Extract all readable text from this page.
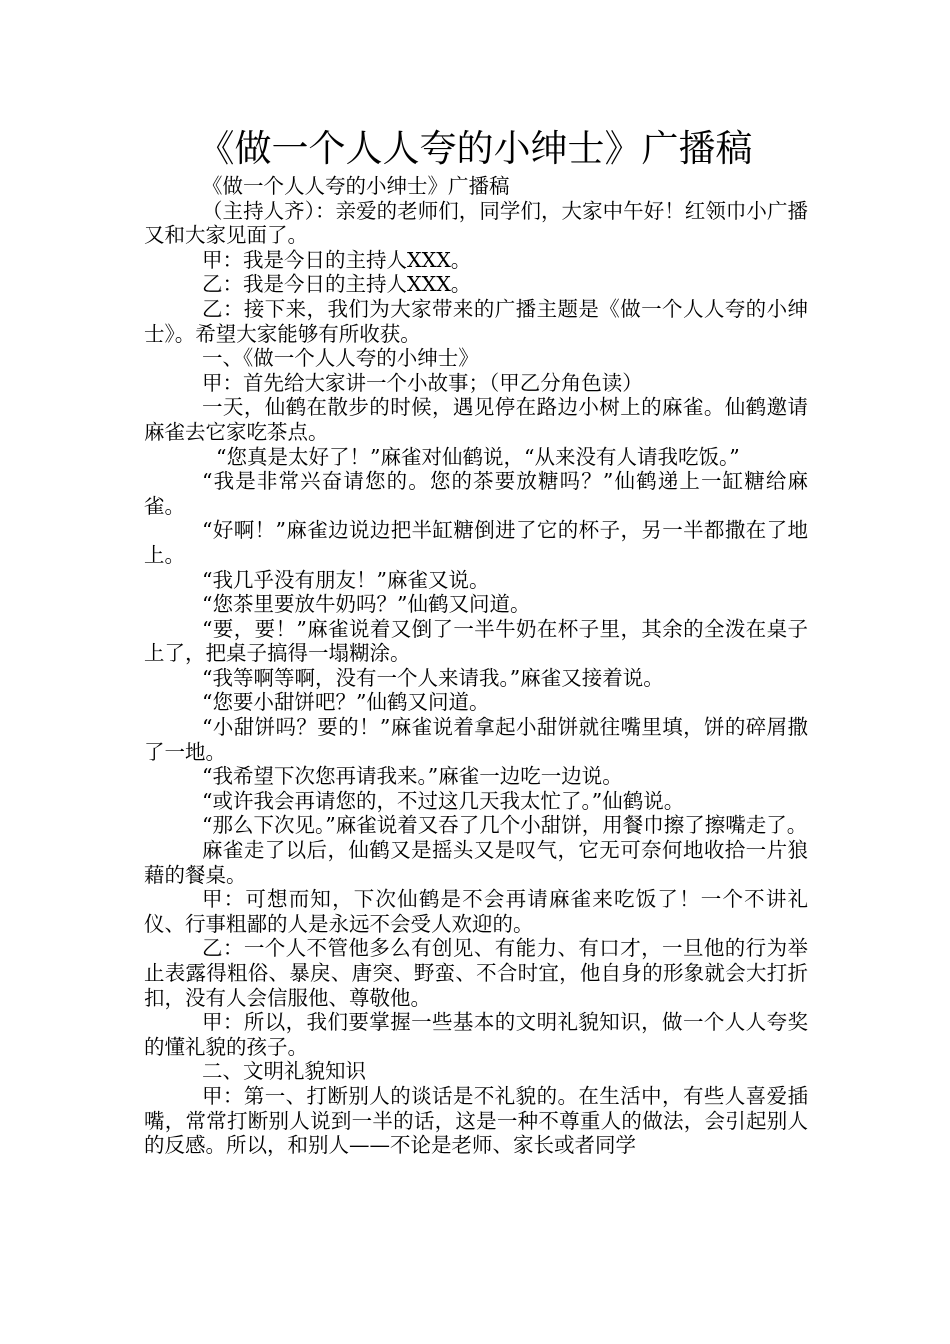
《做一个人人夸的小绅士》广播稿

《做一个人人夸的小绅士》广播稿

（主持人齐）：亲爱的老师们，同学们，大家中午好！红领巾小广播又和大家见面了。

甲：我是今日的主持人XXX。

乙：我是今日的主持人XXX。

乙：接下来，我们为大家带来的广播主题是《做一个人人夸的小绅士》。希望大家能够有所收获。

一、《做一个人人夸的小绅士》

甲：首先给大家讲一个小故事；（甲乙分角色读）

一天，仙鹤在散步的时候，遇见停在路边小树上的麻雀。仙鹤邀请麻雀去它家吃茶点。

“您真是太好了！”麻雀对仙鹤说，“从来没有人请我吃饭。”

“我是非常兴奋请您的。您的茶要放糖吗？”仙鹤递上一缸糖给麻雀。

“好啊！”麻雀边说边把半缸糖倒进了它的杯子，另一半都撒在了地上。

“我几乎没有朋友！”麻雀又说。

“您茶里要放牛奶吗？”仙鹤又问道。

“要，要！”麻雀说着又倒了一半牛奶在杯子里，其余的全泼在桌子上了，把桌子搞得一塌糊涂。

“我等啊等啊，没有一个人来请我。”麻雀又接着说。

“您要小甜饼吧？”仙鹤又问道。

“小甜饼吗？要的！”麻雀说着拿起小甜饼就往嘴里填，饼的碎屑撒了一地。

“我希望下次您再请我来。”麻雀一边吃一边说。

“或许我会再请您的，不过这几天我太忙了。”仙鹤说。

“那么下次见。”麻雀说着又吞了几个小甜饼，用餐巾擦了擦嘴走了。

麻雀走了以后，仙鹤又是摇头又是叹气，它无可奈何地收拾一片狼藉的餐桌。

甲：可想而知，下次仙鹤是不会再请麻雀来吃饭了！一个不讲礼仪、行事粗鄙的人是永远不会受人欢迎的。

乙：一个人不管他多么有创见、有能力、有口才，一旦他的行为举止表露得粗俗、暴戾、唐突、野蛮、不合时宜，他自身的形象就会大打折扣，没有人会信服他、尊敬他。

甲：所以，我们要掌握一些基本的文明礼貌知识，做一个人人夸奖的懂礼貌的孩子。

二、文明礼貌知识

甲：第一、打断别人的谈话是不礼貌的。在生活中，有些人喜爱插嘴，常常打断别人说到一半的话，这是一种不尊重人的做法，会引起别人的反感。所以，和别人——不论是老师、家长或者同学
